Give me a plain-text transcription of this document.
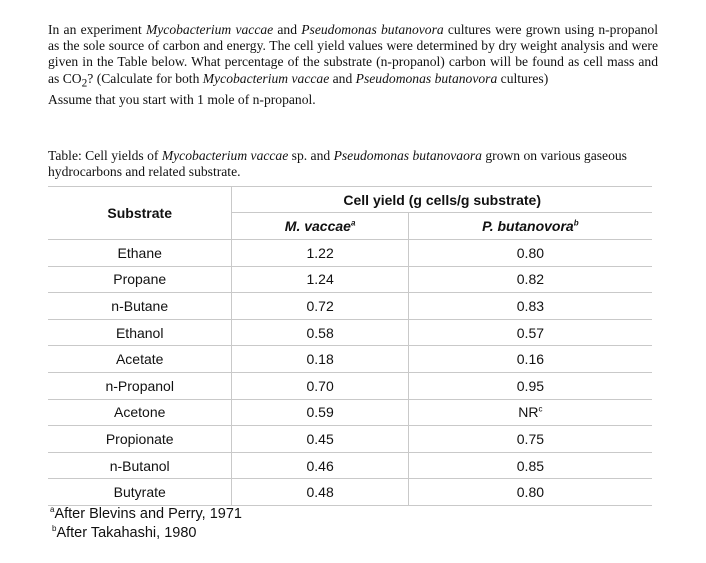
In an experiment Mycobacterium vaccae and Pseudomonas butanovora cultures were grown using n-propanol as the sole source of carbon and energy. The cell yield values were determined by dry weight analysis and were given in the Table below. What percentage of the substrate (n-propanol) carbon will be found as cell mass and as $CO_2$? (Calculate for both Mycobacterium vaccae and Pseudomonas butanovora cultures)

Assume that you start with 1 mole of n-propanol.

Table: Cell yields of Mycobacterium vaccae sp. and Pseudomonas butanovaora grown on various gaseous hydrocarbons and related substrate.
Substrate	Cell yield (g cells/g substrate)	
	M. vaccae$^a$	P. butanovora$^b$
Ethane	1.22	0.80
Propane	1.24	0.82
n-Butane	0.72	0.83
Ethanol	0.58	0.57
Acetate	0.18	0.16
n-Propanol	0.70	0.95
Acetone	0.59	$NR^c$
Propionate	0.45	0.75
n-Butanol	0.46	0.85
Butyrate	0.48	0.80
$^a$After Blevins and Perry, 1971
$^b$After Takahashi, 1980
